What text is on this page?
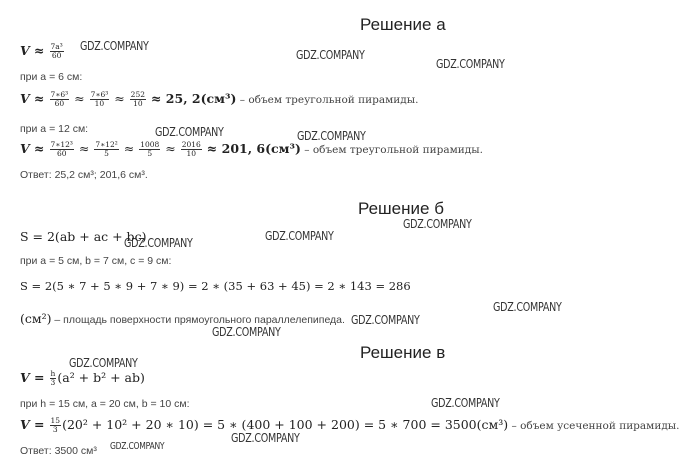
Решение а
Решение б
Решение в
GDZ.COMPANY
GDZ.COMPANY
GDZ.COMPANY
GDZ.COMPANY	GDZ.COMPANY
GDZ.COMPANY
GDZ.COMPANY	GDZ.COMPANY
GDZ.COMPANY
GDZ.COMPANY
GDZ.COMPANY
GDZ.COMPANY
GDZ.COMPANY
GDZ.COMPANY
GDZ.COMPANY
$V \approx \frac{\text{7a³}}{60}$
при a = 6 см:
$V \approx \frac{\text{7∗6³}}{60} \approx \frac{\text{7∗6³}}{10} \approx \frac{252}{10} \approx 25$, 2(см³) – объем треугольной пирамиды.
при a = 12 см:
$V \approx \frac{\text{7∗12³}}{60} \approx \frac{\text{7∗12²}}{5} \approx \frac{1008}{5} \approx \frac{2016}{10} \approx 201$, 6(см³) – объем треугольной пирамиды.
Ответ: 25,2 см³; 201,6 см³.
S = 2(ab + ac + bc)
при a = 5 см, b = 7 см, c = 9 см:
S = 2(5 ∗ 7 + 5 ∗ 9 + 7 ∗ 9) = 2 ∗ (35 + 63 + 45) = 2 ∗ 143 = 286
(см²) – площадь поверхности прямоугольного параллелепипеда.
$V = \frac{h}{3} (a^2 + b^2 + ab)$
при h = 15 см, a = 20 см, b = 10 см:
$V = \frac{15}{3} (20^2 + 10^2 + 20$ ∗ 10) = 5 ∗ (400 + 100 + 200) = 5 ∗ 700 = 3500(см³) – объем усеченной пирамиды.
Ответ: 3500 см³
